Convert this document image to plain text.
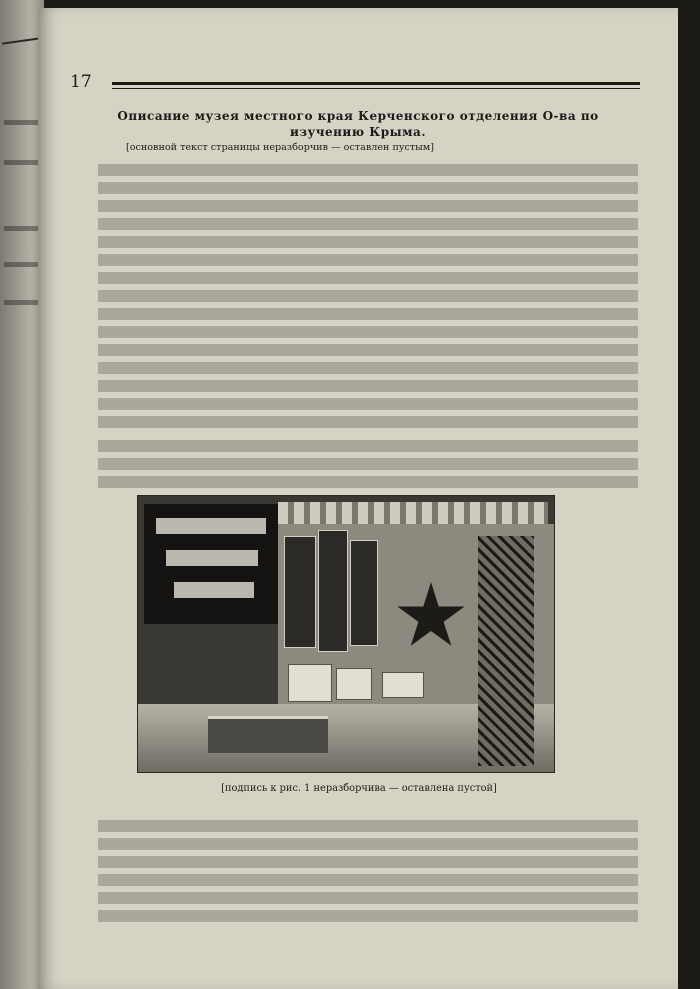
17
Описание музея местного края Керченского отделения О-ва по изучению Крыма.

[основной текст страницы неразборчив — оставлен пустым]

[подпись к рис. 1 неразборчива — оставлена пустой]
